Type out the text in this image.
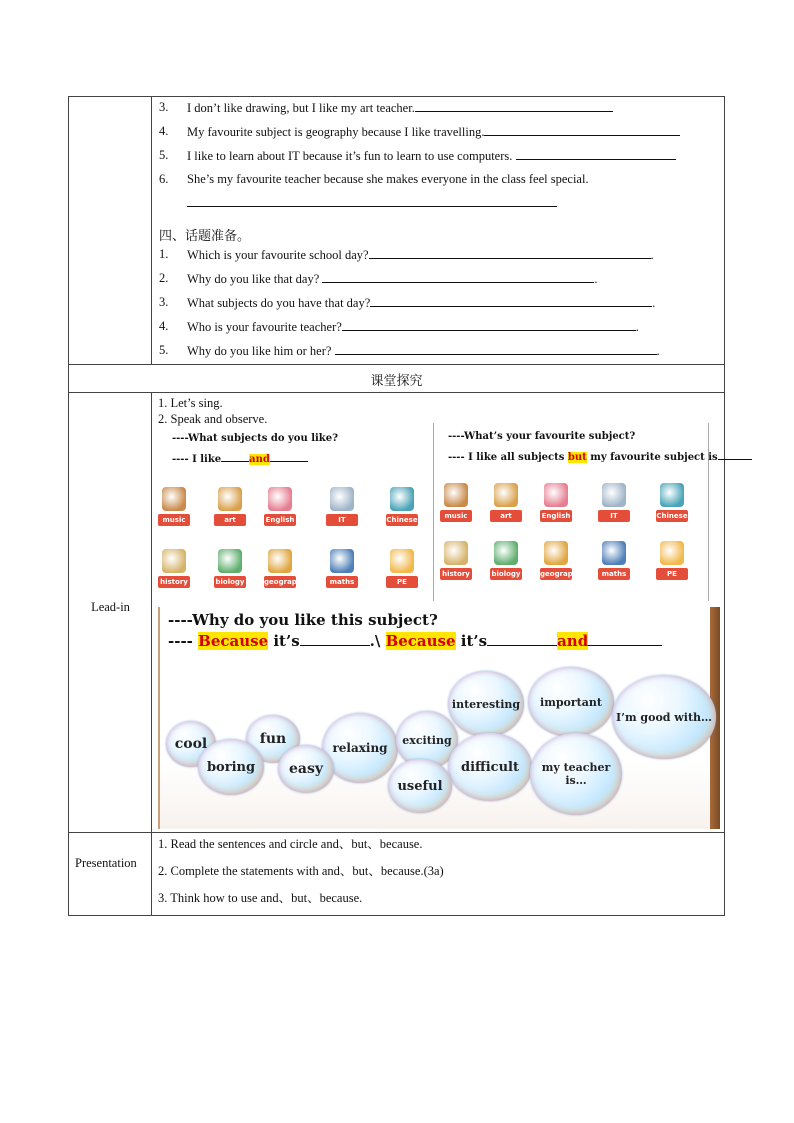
3. I don’t like drawing, but I like my art teacher.
4. My favourite subject is geography because I like travelling.
5. I like to learn about IT because it’s fun to learn to use computers.
6. She’s my favourite teacher because she makes everyone in the class feel special.
四、话题准备。
1. Which is your favourite school day?	.
2. Why do you like that day?	.
3. What subjects do you have that day?	.
4. Who is your favourite teacher?	.
5. Why do you like him or her?	.
课堂探究
Lead-in
1. Let’s sing.
2. Speak and observe.
----What subjects do you like?
---- I like	and
music	art	English	IT	Chinese
history	biology	geography	maths	PE
----What’s your favourite subject?
---- I like all subjects but my favourite subject is
music	art	English	IT	Chinese
history	biology	geography	maths	PE
----Why do you like this subject?
---- Because it’s	.\ Because it’s	and
interesting	important
I’m good with…
cool	fun
relaxing
exciting
boring	easy	difficult	my teacher is…
useful
Presentation
1. Read the sentences and circle and、but、because.
2. Complete the statements with and、but、because.(3a)
3. Think how to use and、but、because.
